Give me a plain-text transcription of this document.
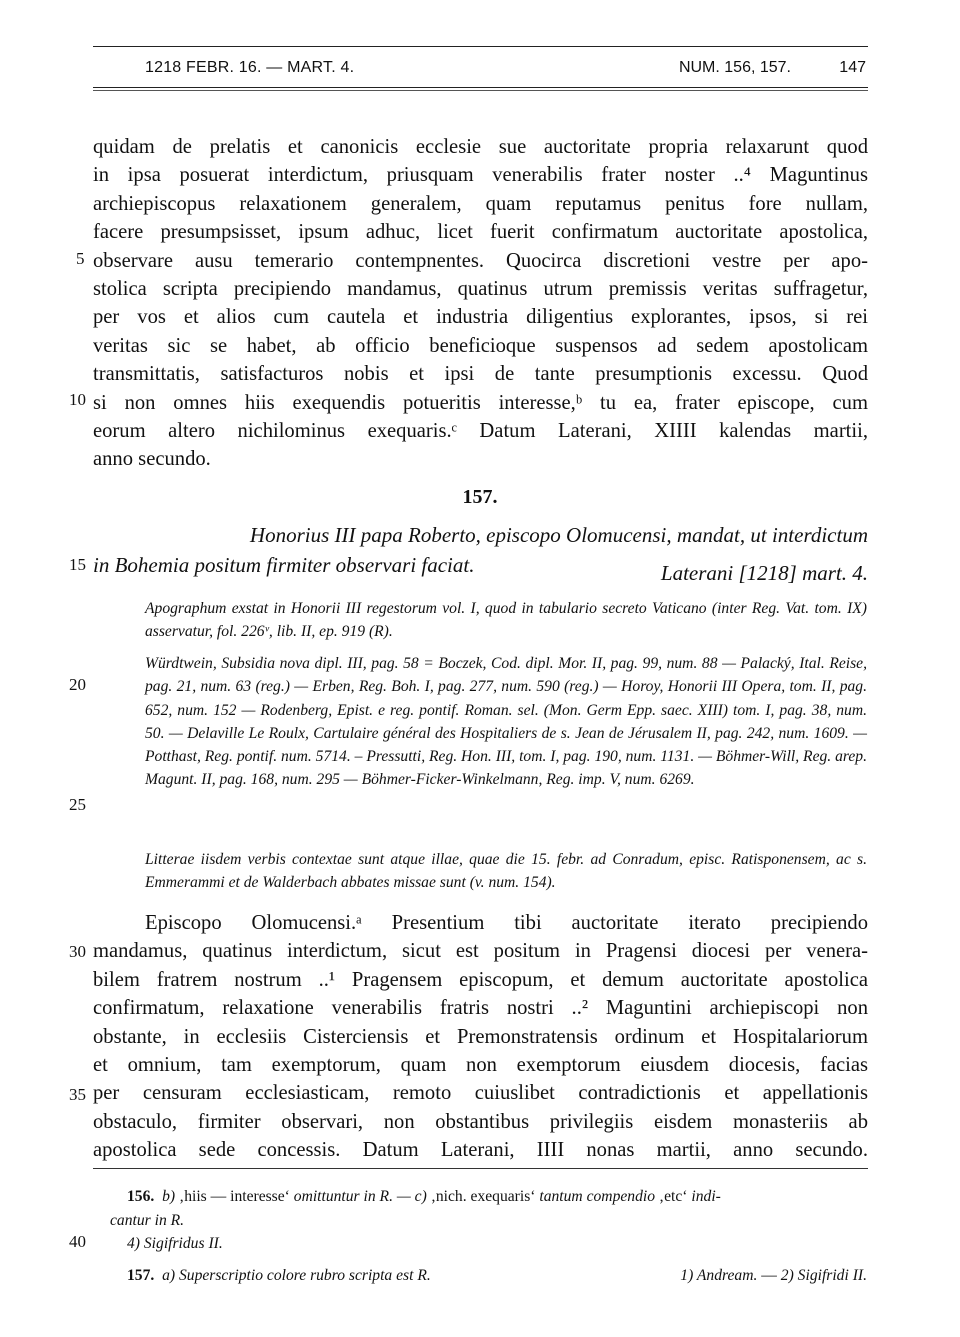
1218 FEBR. 16. — MART. 4.	NUM. 156, 157.	147

quidam de prelatis et canonicis ecclesie sue auctoritate propria relaxarunt quod

in ipsa posuerat interdictum, priusquam venerabilis frater noster ..⁴ Maguntinus

archiepiscopus relaxationem generalem, quam reputamus penitus fore nullam,

facere presumpsisset, ipsum adhuc, licet fuerit confirmatum auctoritate apostolica,

observare ausu temerario contempnentes. Quocirca discretioni vestre per apo-

stolica scripta precipiendo mandamus, quatinus utrum premissis veritas suffragetur,

per vos et alios cum cautela et industria diligentius explorantes, ipsos, si rei

veritas sic se habet, ab officio beneficioque suspensos ad sedem apostolicam

transmittatis, satisfacturos nobis et ipsi de tante presumptionis excessu. Quod

si non omnes hiis exequendis potueritis interesse,ᵇ tu ea, frater episcope, cum

eorum altero nichilominus exequaris.ᶜ Datum Laterani, XIIII kalendas martii,

anno secundo.

5
10
15
20
25
30
35
40
157.
Honorius III papa Roberto, episcopo Olomucensi, mandat, ut interdictum
in Bohemia positum firmiter observari faciat.	Laterani [1218] mart. 4.

Apographum exstat in Honorii III regestorum vol. I, quod in tabulario secreto Vaticano (inter Reg. Vat. tom. IX) asservatur, fol. 226ᵛ, lib. II, ep. 919 (R).

Würdtwein, Subsidia nova dipl. III, pag. 58 = Boczek, Cod. dipl. Mor. II, pag. 99, num. 88 — Palacký, Ital. Reise, pag. 21, num. 63 (reg.) — Erben, Reg. Boh. I, pag. 277, num. 590 (reg.) — Horoy, Honorii III Opera, tom. II, pag. 652, num. 152 — Rodenberg, Epist. e reg. pontif. Roman. sel. (Mon. Germ Epp. saec. XIII) tom. I, pag. 38, num. 50. — Delaville Le Roulx, Cartulaire général des Hospitaliers de s. Jean de Jérusalem II, pag. 242, num. 1609. — Potthast, Reg. pontif. num. 5714. – Pressutti, Reg. Hon. III, tom. I, pag. 190, num. 1131. — Böhmer-Will, Reg. arep. Magunt. II, pag. 168, num. 295 — Böhmer-Ficker-Winkelmann, Reg. imp. V, num. 6269.

Litterae iisdem verbis contextae sunt atque illae, quae die 15. febr. ad Conradum, episc. Ratisponensem, ac s. Emmerammi et de Walderbach abbates missae sunt (v. num. 154).

Episcopo Olomucensi.ᵃ Presentium tibi auctoritate iterato precipiendo

mandamus, quatinus interdictum, sicut est positum in Pragensi diocesi per venera-

bilem fratrem nostrum ..¹ Pragensem episcopum, et demum auctoritate apostolica

confirmatum, relaxatione venerabilis fratris nostri ..² Maguntini archiepiscopi non

obstante, in ecclesiis Cisterciensis et Premonstratensis ordinum et Hospitalariorum

et omnium, tam exemptorum, quam non exemptorum eiusdem diocesis, facias

per censuram ecclesiasticam, remoto cuiuslibet contradictionis et appellationis

obstaculo, firmiter observari, non obstantibus privilegiis eisdem monasteriis ab

apostolica sede concessis. Datum Laterani, IIII nonas martii, anno secundo.

156. b) ‚hiis — interesse‘ omittuntur in R. — c) ‚nich. exequaris‘ tantum compendio ‚etc‘ indi-
cantur in R.
4) Sigifridus II.
157. a) Superscriptio colore rubro scripta est R.	1) Andream. — 2) Sigifridi II.
